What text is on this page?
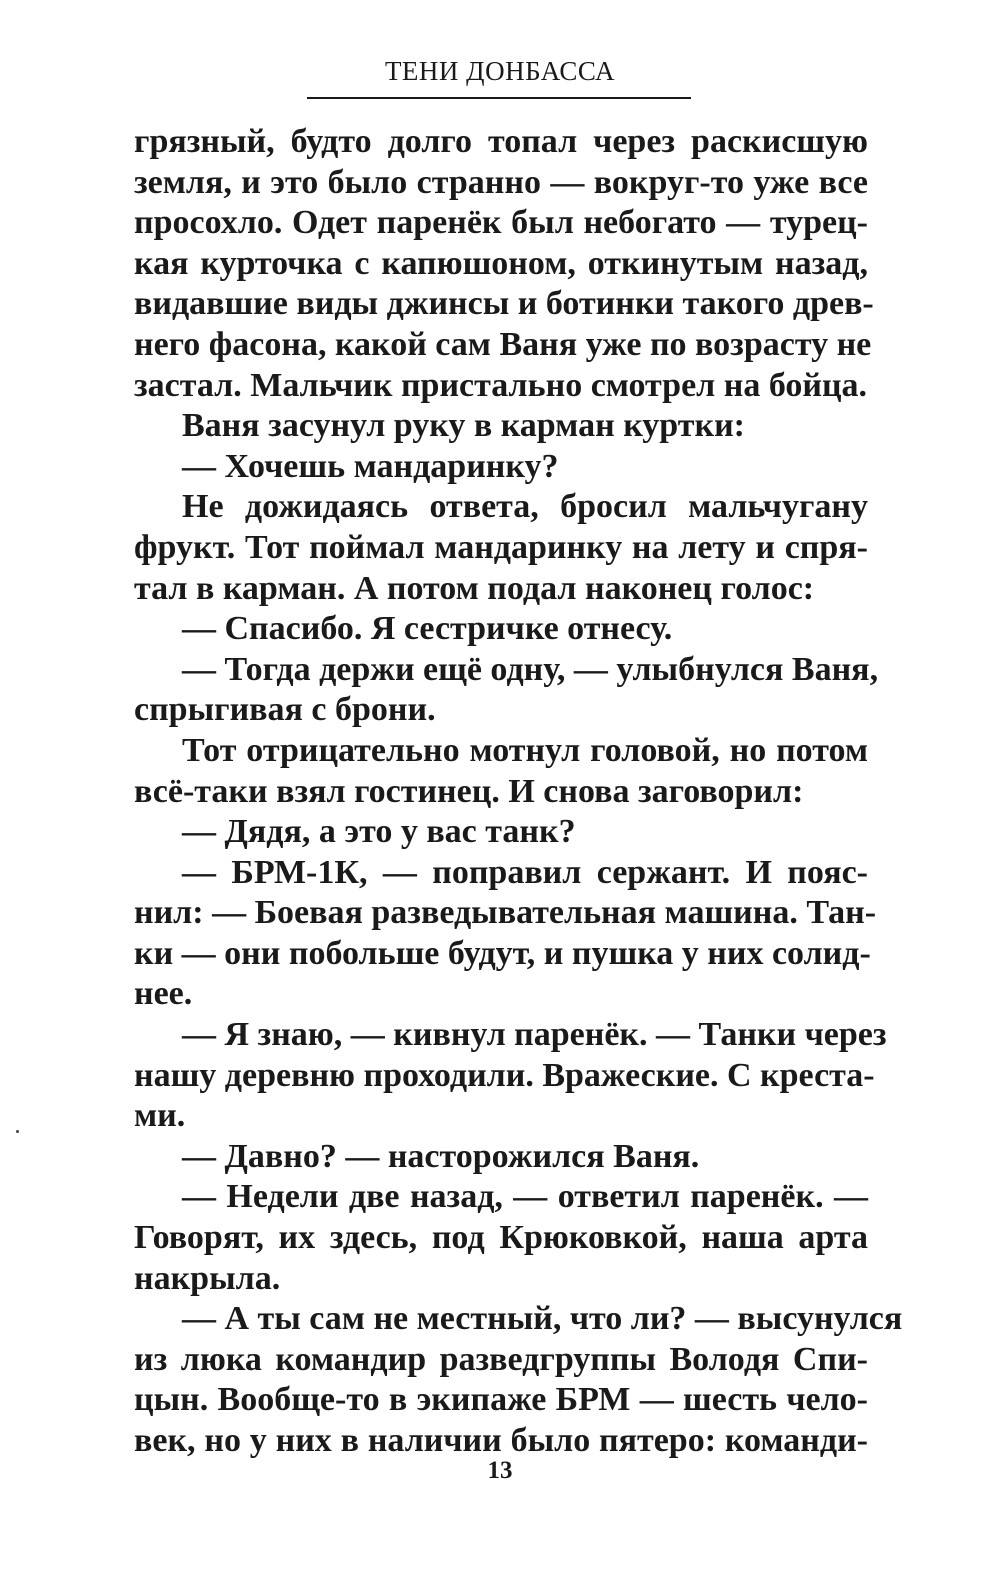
ТЕНИ ДОНБАССА
грязный, будто долго топал через раскисшую
земля, и это было странно — вокруг-то уже все
просохло. Одет паренёк был небогато — турец-
кая курточка с капюшоном, откинутым назад,
видавшие виды джинсы и ботинки такого древ-
него фасона, какой сам Ваня уже по возрасту не
застал. Мальчик пристально смотрел на бойца.
Ваня засунул руку в карман куртки:
— Хочешь мандаринку?
Не дожидаясь ответа, бросил мальчугану
фрукт. Тот поймал мандаринку на лету и спря-
тал в карман. А потом подал наконец голос:
— Спасибо. Я сестричке отнесу.
— Тогда держи ещё одну, — улыбнулся Ваня,
спрыгивая с брони.
Тот отрицательно мотнул головой, но потом
всё-таки взял гостинец. И снова заговорил:
— Дядя, а это у вас танк?
— БРМ-1К, — поправил сержант. И пояс-
нил: — Боевая разведывательная машина. Тан-
ки — они побольше будут, и пушка у них солид-
нее.
— Я знаю, — кивнул паренёк. — Танки через
нашу деревню проходили. Вражеские. С креста-
ми.
— Давно? — насторожился Ваня.
— Недели две назад, — ответил паренёк. —
Говорят, их здесь, под Крюковкой, наша арта
накрыла.
— А ты сам не местный, что ли? — высунулся
из люка командир разведгруппы Володя Спи-
цын. Вообще-то в экипаже БРМ — шесть чело-
век, но у них в наличии было пятеро: команди-
13
